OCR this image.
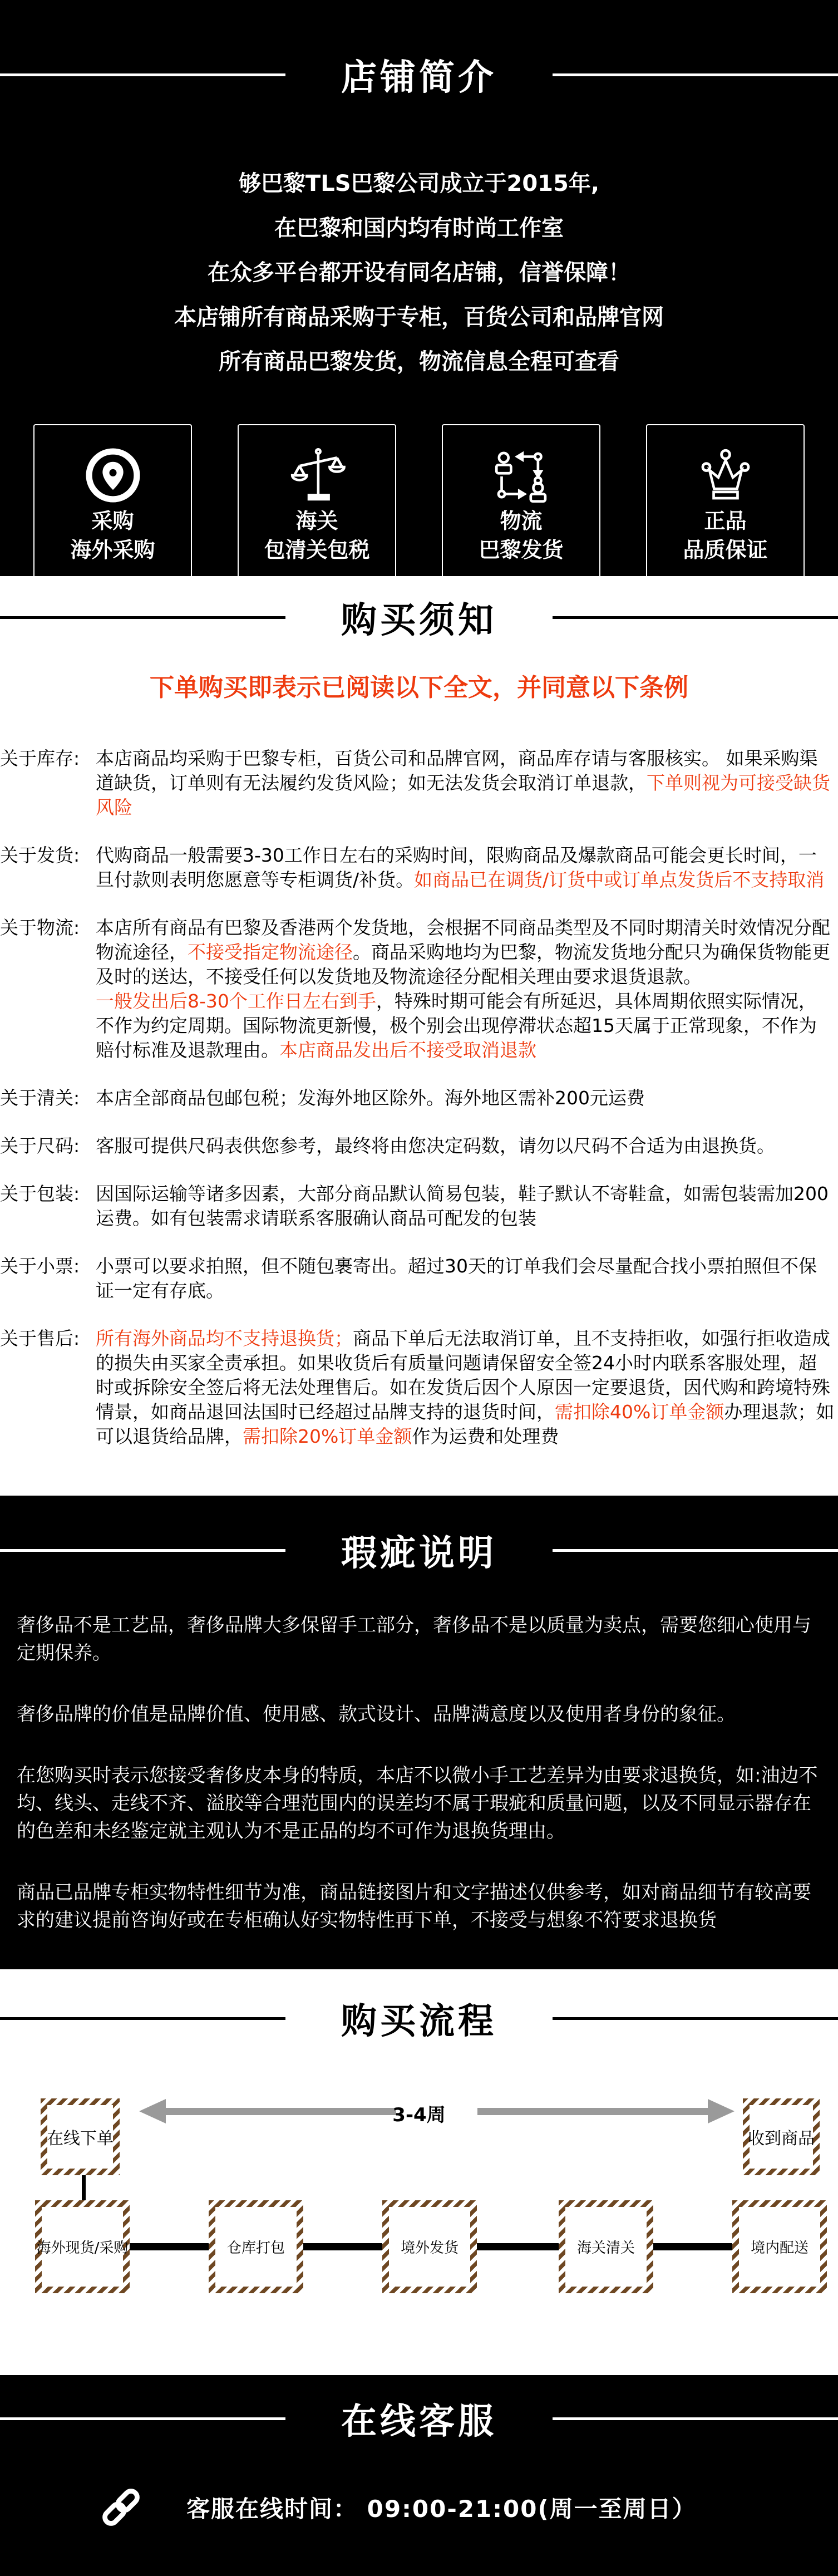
店铺简介
够巴黎TLS巴黎公司成立于2015年,
在巴黎和国内均有时尚工作室
在众多平台都开设有同名店铺，信誉保障！
本店铺所有商品采购于专柜，百货公司和品牌官网
所有商品巴黎发货，物流信息全程可查看
采购
海外采购
海关
包清关包税
物流
巴黎发货
正品
品质保证
购买须知
下单购买即表示已阅读以下全文，并同意以下条例
关于库存: 本店商品均采购于巴黎专柜，百货公司和品牌官网，商品库存请与客服核实。 如果采购渠道缺货，订单则有无法履约发货风险；如无法发货会取消订单退款，下单则视为可接受缺货风险
关于发货: 代购商品一般需要3-30工作日左右的采购时间，限购商品及爆款商品可能会更长时间，一旦付款则表明您愿意等专柜调货/补货。如商品已在调货/订货中或订单点发货后不支持取消
关于物流: 本店所有商品有巴黎及香港两个发货地，会根据不同商品类型及不同时期清关时效情况分配物流途径，不接受指定物流途径。商品采购地均为巴黎，物流发货地分配只为确保货物能更及时的送达，不接受任何以发货地及物流途径分配相关理由要求退货退款。
一般发出后8-30个工作日左右到手，特殊时期可能会有所延迟，具体周期依照实际情况，不作为约定周期。国际物流更新慢，极个别会出现停滞状态超15天属于正常现象，不作为赔付标准及退款理由。本店商品发出后不接受取消退款
关于清关: 本店全部商品包邮包税；发海外地区除外。海外地区需补200元运费
关于尺码: 客服可提供尺码表供您参考，最终将由您决定码数，请勿以尺码不合适为由退换货。
关于包装: 因国际运输等诸多因素，大部分商品默认简易包装，鞋子默认不寄鞋盒，如需包装需加200运费。如有包装需求请联系客服确认商品可配发的包装
关于小票: 小票可以要求拍照，但不随包裹寄出。超过30天的订单我们会尽量配合找小票拍照但不保证一定有存底。
关于售后: 所有海外商品均不支持退换货；商品下单后无法取消订单，且不支持拒收，如强行拒收造成的损失由买家全责承担。如果收货后有质量问题请保留安全签24小时内联系客服处理，超时或拆除安全签后将无法处理售后。如在发货后因个人原因一定要退货，因代购和跨境特殊情景，如商品退回法国时已经超过品牌支持的退货时间，需扣除40%订单金额办理退款；如可以退货给品牌，需扣除20%订单金额作为运费和处理费
瑕疵说明

奢侈品不是工艺品，奢侈品牌大多保留手工部分，奢侈品不是以质量为卖点，需要您细心使用与定期保养。

奢侈品牌的价值是品牌价值、使用感、款式设计、品牌满意度以及使用者身份的象征。

在您购买时表示您接受奢侈皮本身的特质，本店不以微小手工艺差异为由要求退换货，如:油边不均、线头、走线不齐、溢胶等合理范围内的误差均不属于瑕疵和质量问题，以及不同显示器存在的色差和未经鉴定就主观认为不是正品的均不可作为退换货理由。

商品已品牌专柜实物特性细节为准，商品链接图片和文字描述仅供参考，如对商品细节有较高要求的建议提前咨询好或在专柜确认好实物特性再下单，不接受与想象不符要求退换货

购买流程
3-4周
在线下单	收到商品
海外现货/采购	仓库打包	境外发货	海关清关	境内配送
在线客服
客服在线时间： 09:00-21:00(周一至周日）
